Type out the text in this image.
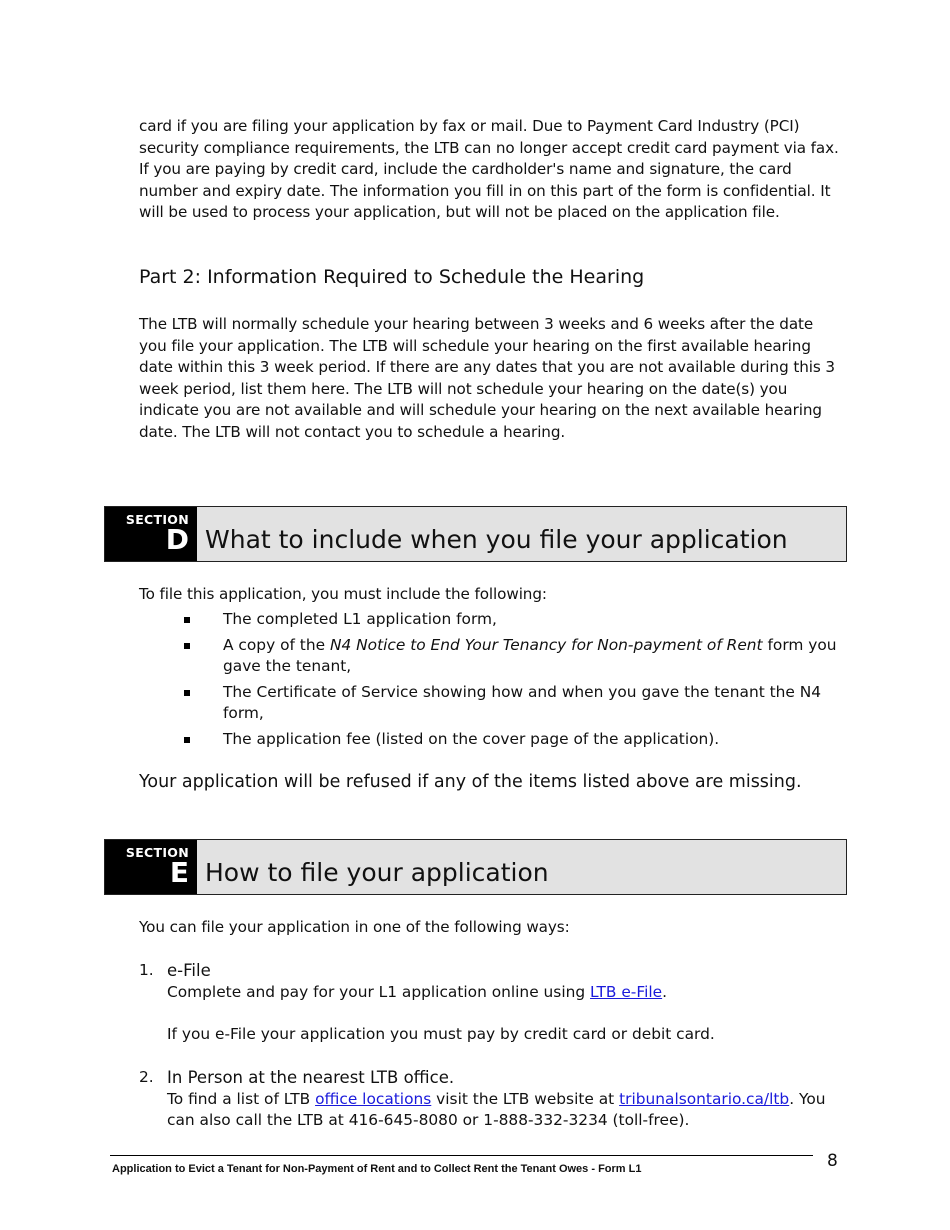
card if you are filing your application by fax or mail. Due to Payment Card Industry (PCI) security compliance requirements, the LTB can no longer accept credit card payment via fax. If you are paying by credit card, include the cardholder's name and signature, the card number and expiry date. The information you fill in on this part of the form is confidential. It will be used to process your application, but will not be placed on the application file.

Part 2: Information Required to Schedule the Hearing

The LTB will normally schedule your hearing between 3 weeks and 6 weeks after the date you file your application. The LTB will schedule your hearing on the first available hearing date within this 3 week period. If there are any dates that you are not available during this 3 week period, list them here. The LTB will not schedule your hearing on the date(s) you indicate you are not available and will schedule your hearing on the next available hearing date. The LTB will not contact you to schedule a hearing.

SECTION
D What to include when you file your application

To file this application, you must include the following:

The completed L1 application form,
A copy of the N4 Notice to End Your Tenancy for Non-payment of Rent form you gave the tenant,
The Certificate of Service showing how and when you gave the tenant the N4 form,
The application fee (listed on the cover page of the application).

Your application will be refused if any of the items listed above are missing.

SECTION
E How to file your application

You can file your application in one of the following ways:

1. e-File
Complete and pay for your L1 application online using LTB e-File.
If you e-File your application you must pay by credit card or debit card.
2. In Person at the nearest LTB office.
To find a list of LTB office locations visit the LTB website at tribunalsontario.ca/ltb. You can also call the LTB at 416-645-8080 or 1-888-332-3234 (toll-free).
Application to Evict a Tenant for Non-Payment of Rent and to Collect Rent the Tenant Owes - Form L1	8
